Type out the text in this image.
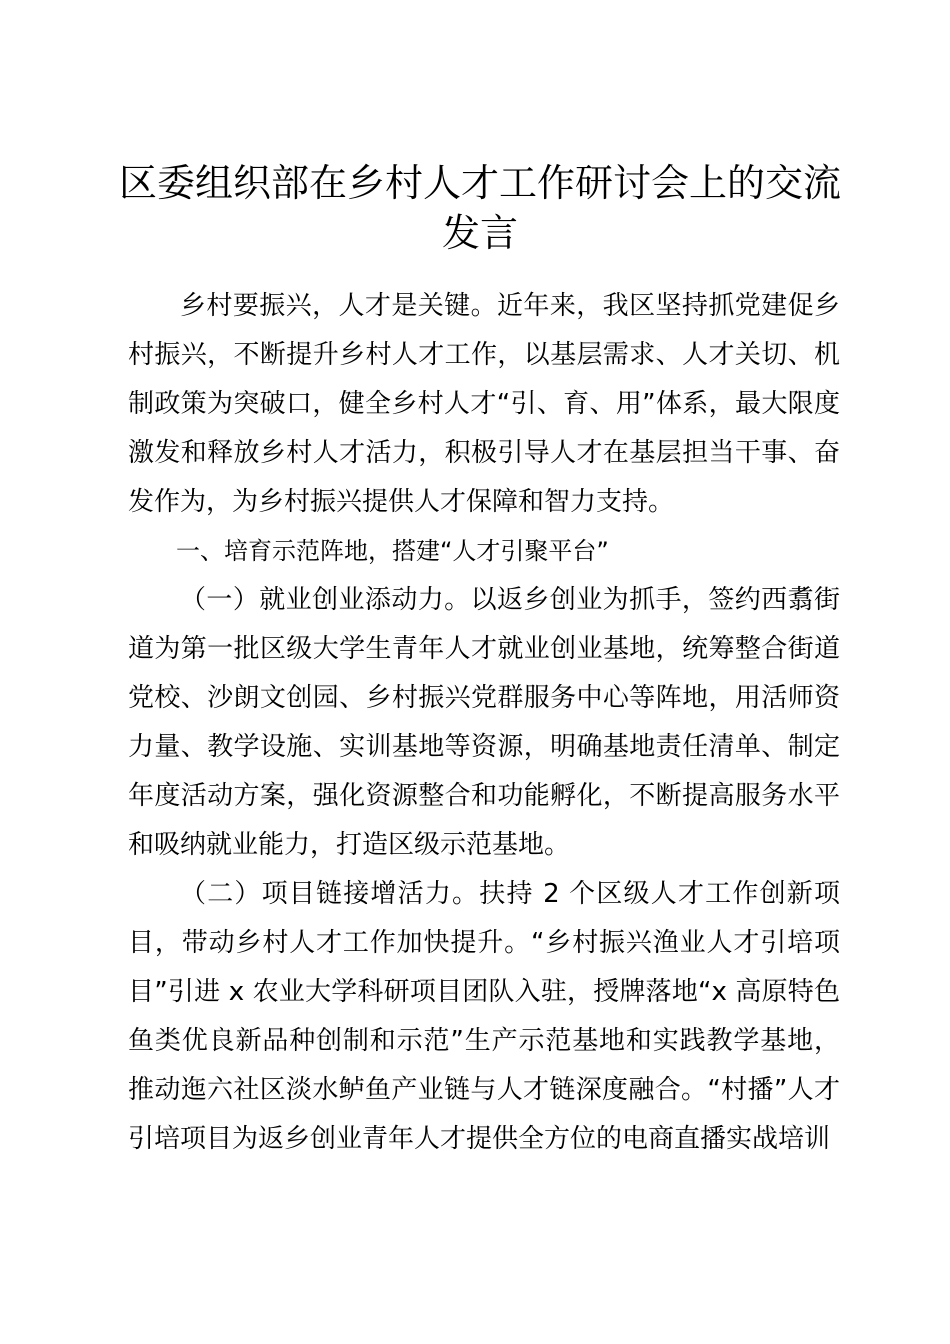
区委组织部在乡村人才工作研讨会上的交流发言

乡村要振兴，人才是关键。近年来，我区坚持抓党建促乡村振兴，不断提升乡村人才工作，以基层需求、人才关切、机制政策为突破口，健全乡村人才“引、育、用”体系，最大限度激发和释放乡村人才活力，积极引导人才在基层担当干事、奋发作为，为乡村振兴提供人才保障和智力支持。

一、培育示范阵地，搭建“人才引聚平台”

（一）就业创业添动力。以返乡创业为抓手，签约西翥街道为第一批区级大学生青年人才就业创业基地，统筹整合街道党校、沙朗文创园、乡村振兴党群服务中心等阵地，用活师资力量、教学设施、实训基地等资源，明确基地责任清单、制定年度活动方案，强化资源整合和功能孵化，不断提高服务水平和吸纳就业能力，打造区级示范基地。

（二）项目链接增活力。扶持 2 个区级人才工作创新项目，带动乡村人才工作加快提升。“乡村振兴渔业人才引培项目”引进 x 农业大学科研项目团队入驻，授牌落地“x 高原特色鱼类优良新品种创制和示范”生产示范基地和实践教学基地，推动迤六社区淡水鲈鱼产业链与人才链深度融合。“村播”人才引培项目为返乡创业青年人才提供全方位的电商直播实战培训
